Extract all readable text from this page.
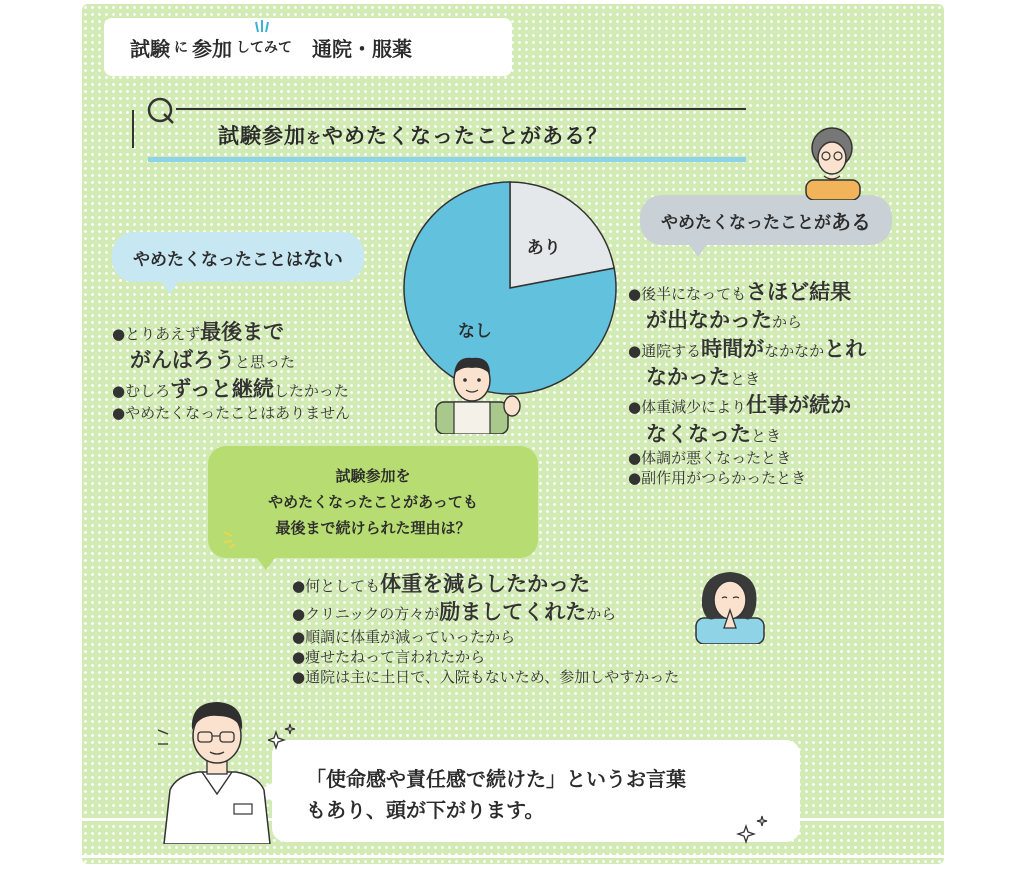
試験 に 参加 してみて 通院・服薬
試験参加をやめたくなったことがある？
あり
なし
やめたくなったことが ある
やめたくなったことは ない
●とりあえず最後まで
がんばろうと思った
●むしろずっと継続したかった
●やめたくなったことはありません
●後半になってもさほど結果
が出なかったから
●通院する時間がなかなかとれ
なかったとき
●体重減少により仕事が続か
なくなったとき
●体調が悪くなったとき
●副作用がつらかったとき
試験参加を
やめたくなったことがあっても
最後まで続けられた理由は？
●何としても体重を減らしたかった
●クリニックの方々が励ましてくれたから
●順調に体重が減っていったから
●痩せたねって言われたから
●通院は主に土日で、入院もないため、参加しやすかった
「使命感や責任感で続けた」というお言葉
もあり、頭が下がります。
